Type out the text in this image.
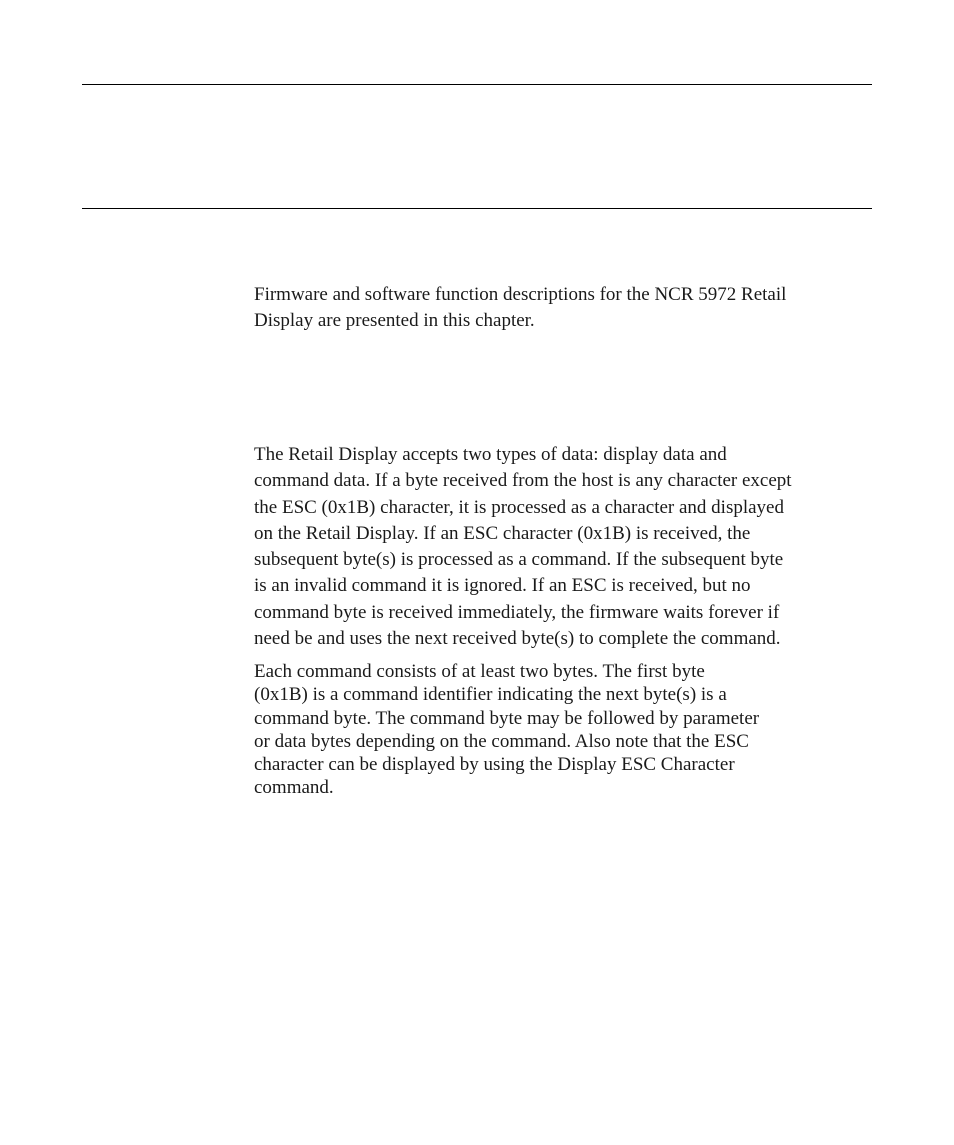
Firmware and software function descriptions for the NCR 5972 Retail
Display are presented in this chapter.

The Retail Display accepts two types of data: display data and
command data. If a byte received from the host is any character except
the ESC (0x1B) character, it is processed as a character and displayed
on the Retail Display. If an ESC character (0x1B) is received, the
subsequent byte(s) is processed as a command. If the subsequent byte
is an invalid command it is ignored. If an ESC is received, but no
command byte is received immediately, the firmware waits forever if
need be and uses the next received byte(s) to complete the command.

Each command consists of at least two bytes. The first byte
(0x1B) is a command identifier indicating the next byte(s) is a
command byte. The command byte may be followed by parameter
or data bytes depending on the command. Also note that the ESC
character can be displayed by using the Display ESC Character
command.
